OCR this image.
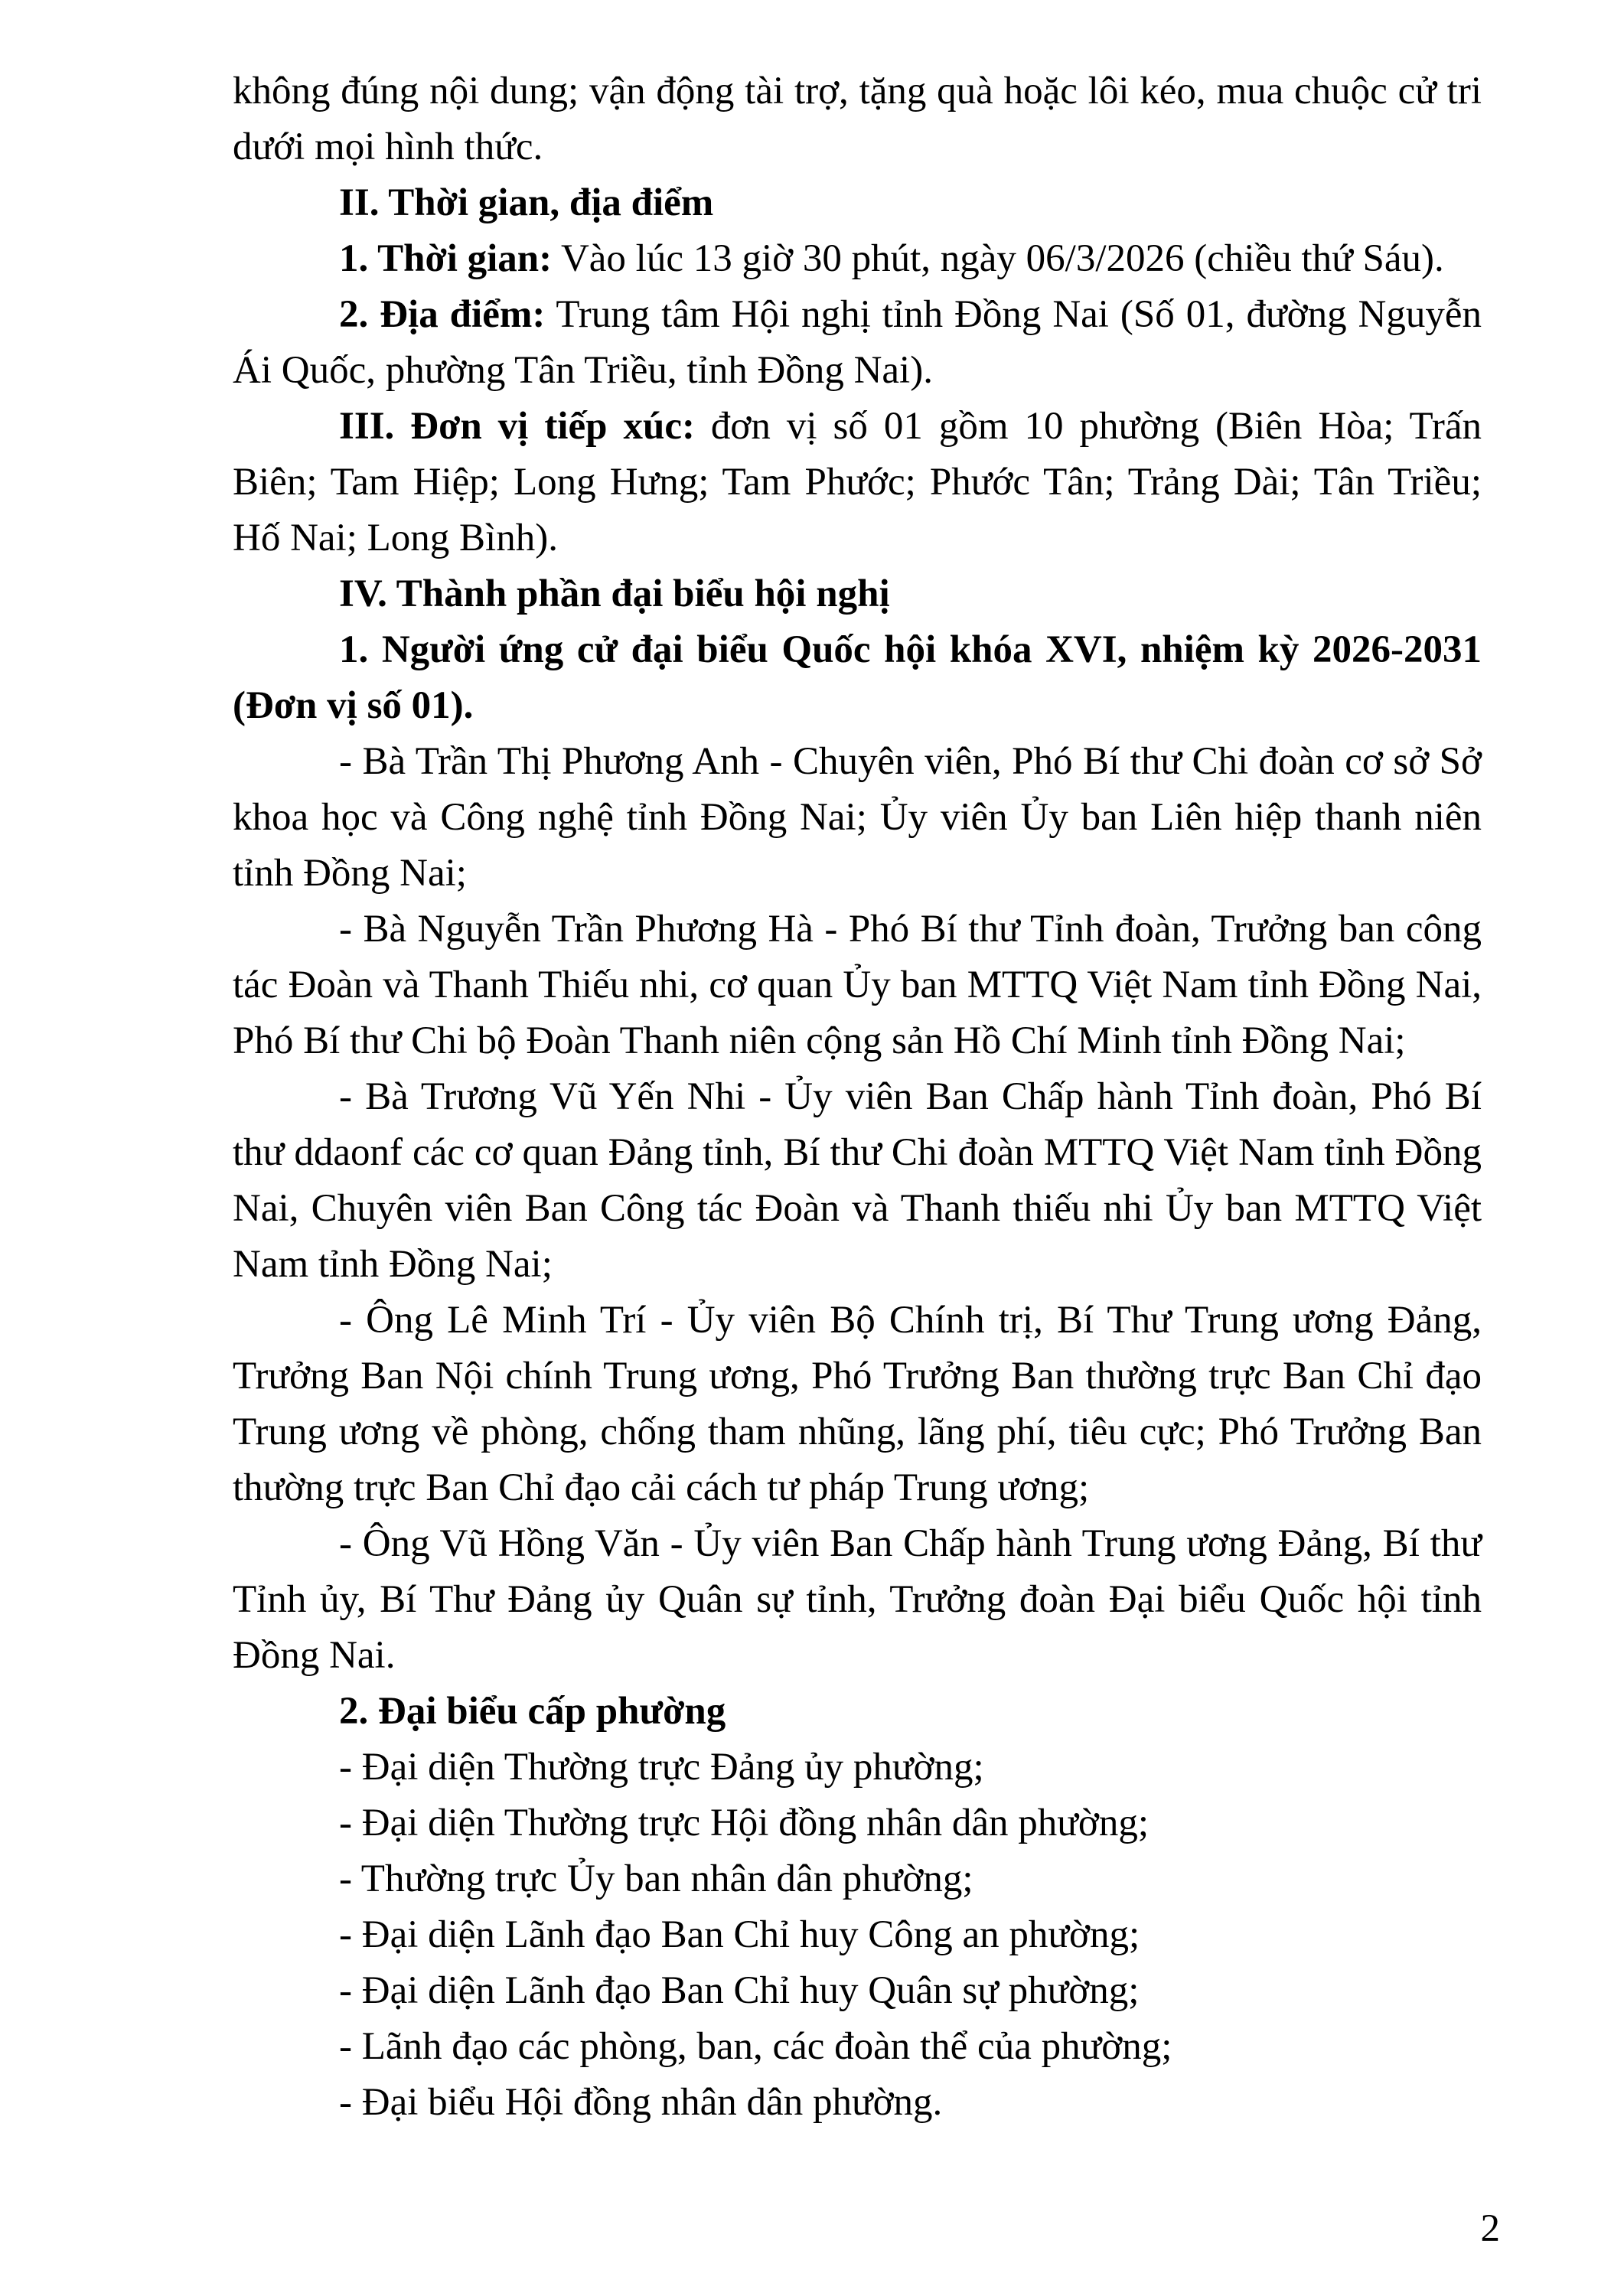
không đúng nội dung; vận động tài trợ, tặng quà hoặc lôi kéo, mua chuộc cử tri dưới mọi hình thức.

II. Thời gian, địa điểm

1. Thời gian: Vào lúc 13 giờ 30 phút, ngày 06/3/2026 (chiều thứ Sáu).

2. Địa điểm: Trung tâm Hội nghị tỉnh Đồng Nai (Số 01, đường Nguyễn Ái Quốc, phường Tân Triều, tỉnh Đồng Nai).

III. Đơn vị tiếp xúc: đơn vị số 01 gồm 10 phường (Biên Hòa; Trấn Biên; Tam Hiệp; Long Hưng; Tam Phước; Phước Tân; Trảng Dài; Tân Triều; Hố Nai; Long Bình).

IV. Thành phần đại biểu hội nghị

1. Người ứng cử đại biểu Quốc hội khóa XVI, nhiệm kỳ 2026-2031 (Đơn vị số 01).

- Bà Trần Thị Phương Anh - Chuyên viên, Phó Bí thư Chi đoàn cơ sở Sở khoa học và Công nghệ tỉnh Đồng Nai; Ủy viên Ủy ban Liên hiệp thanh niên tỉnh Đồng Nai;

- Bà Nguyễn Trần Phương Hà - Phó Bí thư Tỉnh đoàn, Trưởng ban công tác Đoàn và Thanh Thiếu nhi, cơ quan Ủy ban MTTQ Việt Nam tỉnh Đồng Nai, Phó Bí thư Chi bộ Đoàn Thanh niên cộng sản Hồ Chí Minh tỉnh Đồng Nai;

- Bà Trương Vũ Yến Nhi - Ủy viên Ban Chấp hành Tỉnh đoàn, Phó Bí thư ddaonf các cơ quan Đảng tỉnh, Bí thư Chi đoàn MTTQ Việt Nam tỉnh Đồng Nai, Chuyên viên Ban Công tác Đoàn và Thanh thiếu nhi Ủy ban MTTQ Việt Nam tỉnh Đồng Nai;

- Ông Lê Minh Trí - Ủy viên Bộ Chính trị, Bí Thư Trung ương Đảng, Trưởng Ban Nội chính Trung ương, Phó Trưởng Ban thường trực Ban Chỉ đạo Trung ương về phòng, chống tham nhũng, lãng phí, tiêu cực; Phó Trưởng Ban thường trực Ban Chỉ đạo cải cách tư pháp Trung ương;

- Ông Vũ Hồng Văn - Ủy viên Ban Chấp hành Trung ương Đảng, Bí thư Tỉnh ủy, Bí Thư Đảng ủy Quân sự tỉnh, Trưởng đoàn Đại biểu Quốc hội tỉnh Đồng Nai.

2. Đại biểu cấp phường

- Đại diện Thường trực Đảng ủy phường;

- Đại diện Thường trực Hội đồng nhân dân phường;

- Thường trực Ủy ban nhân dân phường;

- Đại diện Lãnh đạo Ban Chỉ huy Công an phường;

- Đại diện Lãnh đạo Ban Chỉ huy Quân sự phường;

- Lãnh đạo các phòng, ban, các đoàn thể của phường;

- Đại biểu Hội đồng nhân dân phường.

2
